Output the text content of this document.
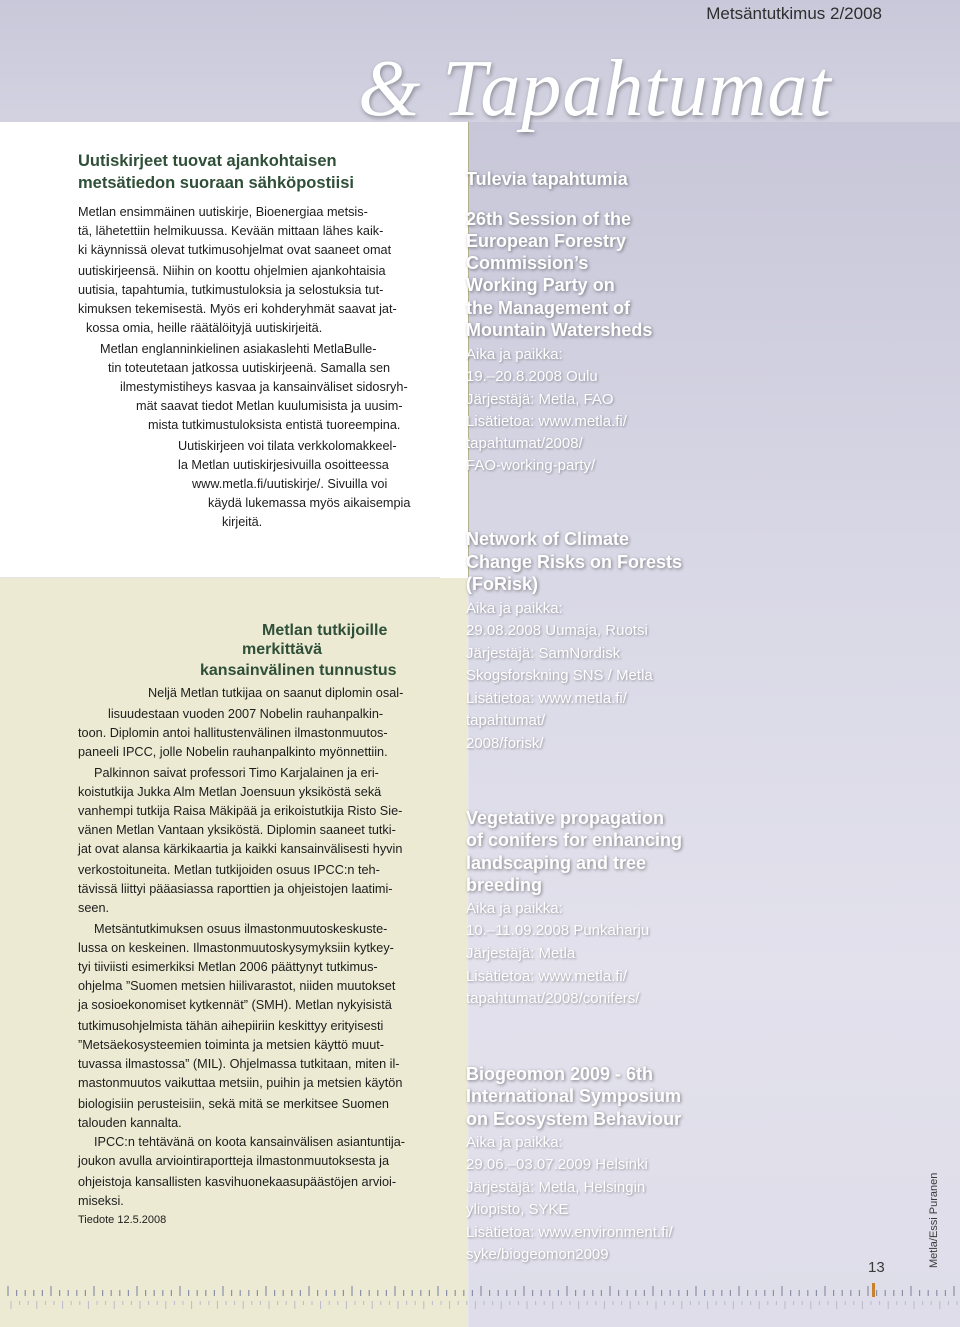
Metsäntutkimus 2/2008
& Tapahtumat
Uutiskirjeet tuovat ajankohtaisen
metsätiedon suoraan sähköpostiisi
Metlan ensimmäinen uutiskirje, Bioenergiaa metsis-
tä, lähetettiin helmikuussa. Kevään mittaan lähes kaik-
ki käynnissä olevat tutkimusohjelmat ovat saaneet omat
uutiskirjeensä. Niihin on koottu ohjelmien ajankohtaisia
uutisia, tapahtumia, tutkimustuloksia ja selostuksia tut-
kimuksen tekemisestä. Myös eri kohderyhmät saavat jat-
kossa omia, heille räätälöityjä uutiskirjeitä.
Metlan englanninkielinen asiakaslehti MetlaBulle-
tin toteutetaan jatkossa uutiskirjeenä. Samalla sen
ilmestymistiheys kasvaa ja kansainväliset sidosryh-
mät saavat tiedot Metlan kuulumisista ja uusim-
mista tutkimustuloksista entistä tuoreempina.
Uutiskirjeen voi tilata verkkolomakkeel-
la Metlan uutiskirjesivuilla osoitteessa
www.metla.fi/uutiskirje/. Sivuilla voi
käydä lukemassa myös aikaisempia
kirjeitä.
Metlan tutkijoille
merkittävä
kansainvälinen tunnustus
Neljä Metlan tutkijaa on saanut diplomin osal-
lisuudestaan vuoden 2007 Nobelin rauhanpalkin-
toon. Diplomin antoi hallitustenvälinen ilmastonmuutos-
paneeli IPCC, jolle Nobelin rauhanpalkinto myönnettiin.
Palkinnon saivat professori Timo Karjalainen ja eri-
koistutkija Jukka Alm Metlan Joensuun yksiköstä sekä
vanhempi tutkija Raisa Mäkipää ja erikoistutkija Risto Sie-
vänen Metlan Vantaan yksiköstä. Diplomin saaneet tutki-
jat ovat alansa kärkikaartia ja kaikki kansainvälisesti hyvin
verkostoituneita. Metlan tutkijoiden osuus IPCC:n teh-
tävissä liittyi pääasiassa raporttien ja ohjeistojen laatimi-
seen.
Metsäntutkimuksen osuus ilmastonmuutoskeskuste-
lussa on keskeinen. Ilmastonmuutoskysymyksiin kytkey-
tyi tiiviisti esimerkiksi Metlan 2006 päättynyt tutkimus-
ohjelma ”Suomen metsien hiilivarastot, niiden muutokset
ja sosioekonomiset kytkennät” (SMH). Metlan nykyisistä
tutkimusohjelmista tähän aihepiiriin keskittyy erityisesti
”Metsäekosysteemien toiminta ja metsien käyttö muut-
tuvassa ilmastossa” (MIL). Ohjelmassa tutkitaan, miten il-
mastonmuutos vaikuttaa metsiin, puihin ja metsien käytön
biologisiin perusteisiin, sekä mitä se merkitsee Suomen
talouden kannalta.
IPCC:n tehtävänä on koota kansainvälisen asiantuntija-
joukon avulla arviointiraportteja ilmastonmuutoksesta ja
ohjeistoja kansallisten kasvihuonekaasupäästöjen arvioi-
miseksi.
Tiedote 12.5.2008
Tulevia tapahtumia
26th Session of the
European Forestry
Commission’s
Working Party on
the Management of
Mountain Watersheds
Aika ja paikka:
19.–20.8.2008 Oulu
Järjestäjä: Metla, FAO
Lisätietoa: www.metla.fi/
tapahtumat/2008/
FAO-working-party/
Network of Climate
Change Risks on Forests
(FoRisk)
Aika ja paikka:
29.08.2008 Uumaja, Ruotsi
Järjestäjä: SamNordisk
Skogsforskning SNS / Metla
Lisätietoa: www.metla.fi/
tapahtumat/
2008/forisk/
Vegetative propagation
of conifers for enhancing
landscaping and tree
breeding
Aika ja paikka:
10.–11.09.2008 Punkaharju
Järjestäjä: Metla
Lisätietoa: www.metla.fi/
tapahtumat/2008/conifers/
Biogeomon 2009 - 6th
International Symposium
on Ecosystem Behaviour
Aika ja paikka:
29.06.–03.07.2009 Helsinki
Järjestäjä: Metla, Helsingin
yliopisto, SYKE
Lisätietoa: www.environment.fi/
syke/biogeomon2009
13	Metla/Essi Puranen
